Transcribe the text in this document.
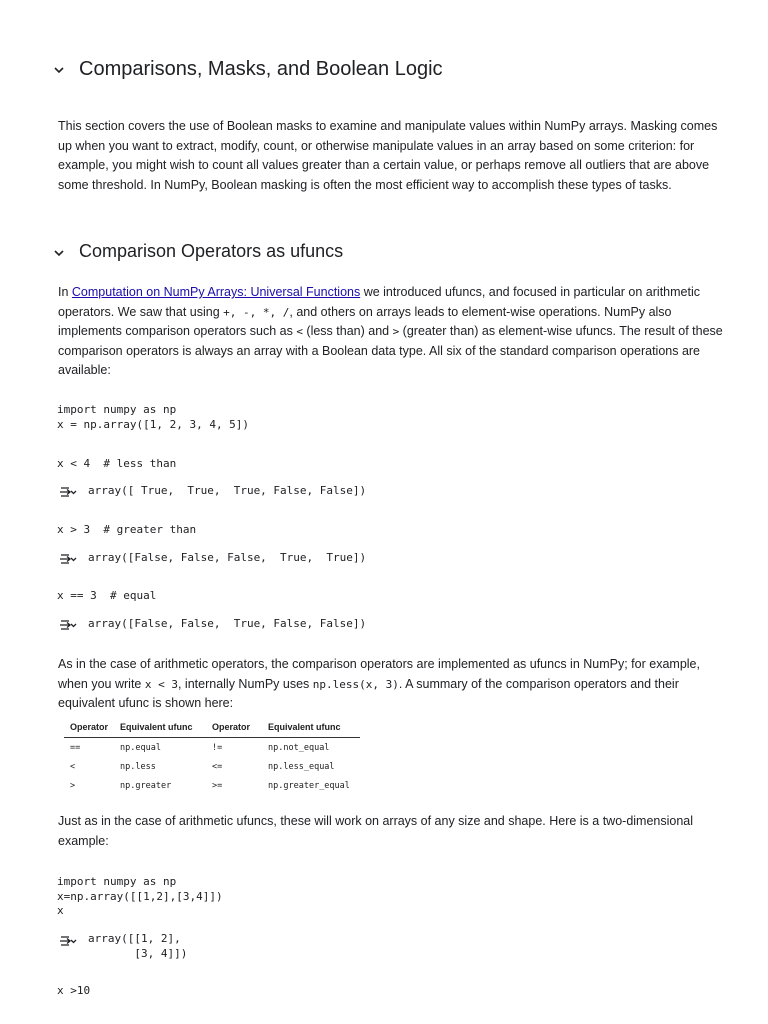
Comparisons, Masks, and Boolean Logic

This section covers the use of Boolean masks to examine and manipulate values within NumPy arrays. Masking comes up when you want to extract, modify, count, or otherwise manipulate values in an array based on some criterion: for example, you might wish to count all values greater than a certain value, or perhaps remove all outliers that are above some threshold. In NumPy, Boolean masking is often the most efficient way to accomplish these types of tasks.

Comparison Operators as ufuncs

In Computation on NumPy Arrays: Universal Functions we introduced ufuncs, and focused in particular on arithmetic operators. We saw that using +, -, *, /, and others on arrays leads to element-wise operations. NumPy also implements comparison operators such as < (less than) and > (greater than) as element-wise ufuncs. The result of these comparison operators is always an array with a Boolean data type. All six of the standard comparison operations are available:

import numpy as np
x = np.array([1, 2, 3, 4, 5])
x < 4  # less than
array([ True,  True,  True, False, False])
x > 3  # greater than
array([False, False, False,  True,  True])
x == 3  # equal
array([False, False,  True, False, False])

As in the case of arithmetic operators, the comparison operators are implemented as ufuncs in NumPy; for example, when you write x < 3, internally NumPy uses np.less(x, 3). A summary of the comparison operators and their equivalent ufunc is shown here:

Operator	Equivalent ufunc	Operator	Equivalent ufunc
==	np.equal	!=	np.not_equal
<	np.less	<=	np.less_equal
>	np.greater	>=	np.greater_equal

Just as in the case of arithmetic ufuncs, these will work on arrays of any size and shape. Here is a two-dimensional example:

import numpy as np
x=np.array([[1,2],[3,4]])
x
array([[1, 2],
[3, 4]])
x >10
